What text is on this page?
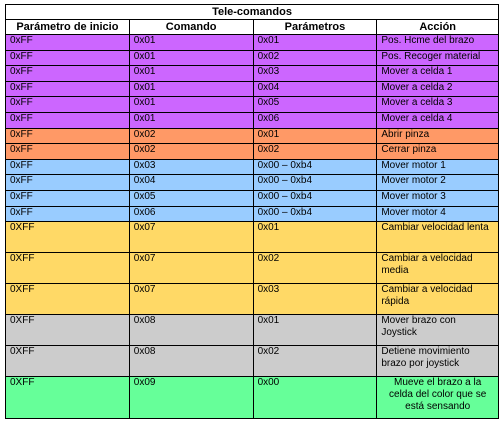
Tele-comandos			
Parámetro de inicio	Comando	Parámetros	Acción
0xFF	0x01	0x01	Pos. Hcme del brazo
0xFF	0x01	0x02	Pos. Recoger material
0xFF	0x01	0x03	Mover a celda 1
0xFF	0x01	0x04	Mover a celda 2
0xFF	0x01	0x05	Mover a celda 3
0xFF	0x01	0x06	Mover a celda 4
0xFF	0x02	0x01	Abrir pinza
0xFF	0x02	0x02	Cerrar pinza
0xFF	0x03	0x00 – 0xb4	Mover motor 1
0xFF	0x04	0x00 – 0xb4	Mover motor 2
0xFF	0x05	0x00 – 0xb4	Mover motor 3
0xFF	0x06	0x00 – 0xb4	Mover motor 4
0XFF	0x07	0x01	Cambiar velocidad lenta
0XFF	0x07	0x02	Cambiar a velocidad media
0XFF	0x07	0x03	Cambiar a velocidad rápida
0XFF	0x08	0x01	Mover brazo con Joystick
0XFF	0x08	0x02	Detiene movimiento brazo por joystick
0XFF	0x09	0x00	Mueve el brazo a la celda del color que se está sensando
